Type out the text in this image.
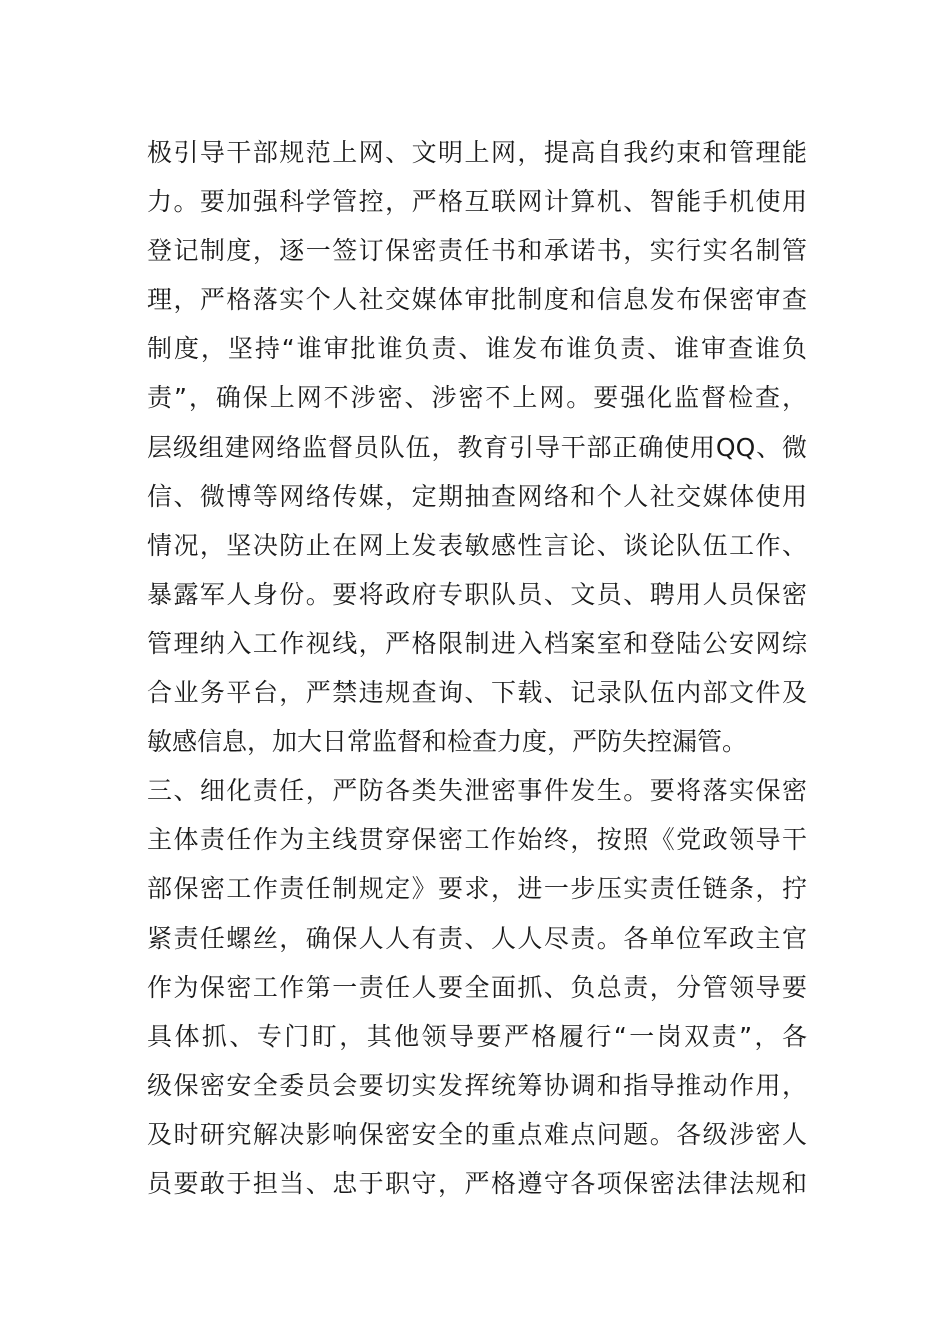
极引导干部规范上网、文明上网，提高自我约束和管理能
力。要加强科学管控，严格互联网计算机、智能手机使用
登记制度，逐一签订保密责任书和承诺书，实行实名制管
理，严格落实个人社交媒体审批制度和信息发布保密审查
制度，坚持“谁审批谁负责、谁发布谁负责、谁审查谁负
责”，确保上网不涉密、涉密不上网。要强化监督检查，
层级组建网络监督员队伍，教育引导干部正确使用QQ、微
信、微博等网络传媒，定期抽查网络和个人社交媒体使用
情况，坚决防止在网上发表敏感性言论、谈论队伍工作、
暴露军人身份。要将政府专职队员、文员、聘用人员保密
管理纳入工作视线，严格限制进入档案室和登陆公安网综
合业务平台，严禁违规查询、下载、记录队伍内部文件及
敏感信息，加大日常监督和检查力度，严防失控漏管。
三、细化责任，严防各类失泄密事件发生。要将落实保密
主体责任作为主线贯穿保密工作始终，按照《党政领导干
部保密工作责任制规定》要求，进一步压实责任链条，拧
紧责任螺丝，确保人人有责、人人尽责。各单位军政主官
作为保密工作第一责任人要全面抓、负总责，分管领导要
具体抓、专门盯，其他领导要严格履行“一岗双责”，各
级保密安全委员会要切实发挥统筹协调和指导推动作用，
及时研究解决影响保密安全的重点难点问题。各级涉密人
员要敢于担当、忠于职守，严格遵守各项保密法律法规和
